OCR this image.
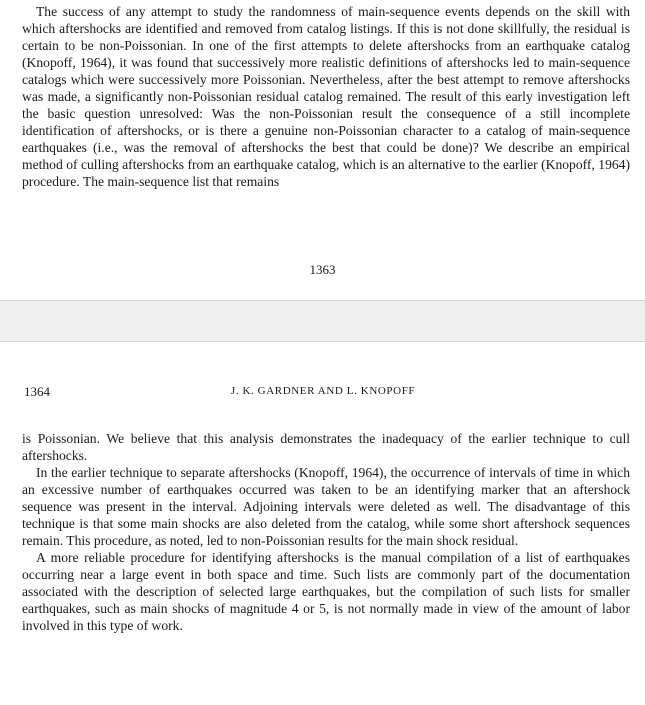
The success of any attempt to study the randomness of main-sequence events depends on the skill with which aftershocks are identified and removed from catalog listings. If this is not done skillfully, the residual is certain to be non-Poissonian. In one of the first attempts to delete aftershocks from an earthquake catalog (Knopoff, 1964), it was found that successively more realistic definitions of aftershocks led to main-sequence catalogs which were successively more Poissonian. Nevertheless, after the best attempt to remove aftershocks was made, a significantly non-Poissonian residual catalog remained. The result of this early investigation left the basic question unresolved: Was the non-Poissonian result the consequence of a still incomplete identification of aftershocks, or is there a genuine non-Poissonian character to a catalog of main-sequence earthquakes (i.e., was the removal of aftershocks the best that could be done)? We describe an empirical method of culling aftershocks from an earthquake catalog, which is an alternative to the earlier (Knopoff, 1964) procedure. The main-sequence list that remains

1363
J. K. GARDNER AND L. KNOPOFF
1364

is Poissonian. We believe that this analysis demonstrates the inadequacy of the earlier technique to cull aftershocks.

In the earlier technique to separate aftershocks (Knopoff, 1964), the occurrence of intervals of time in which an excessive number of earthquakes occurred was taken to be an identifying marker that an aftershock sequence was present in the interval. Adjoining intervals were deleted as well. The disadvantage of this technique is that some main shocks are also deleted from the catalog, while some short aftershock sequences remain. This procedure, as noted, led to non-Poissonian results for the main shock residual.

A more reliable procedure for identifying aftershocks is the manual compilation of a list of earthquakes occurring near a large event in both space and time. Such lists are commonly part of the documentation associated with the description of selected large earthquakes, but the compilation of such lists for smaller earthquakes, such as main shocks of magnitude 4 or 5, is not normally made in view of the amount of labor involved in this type of work.
